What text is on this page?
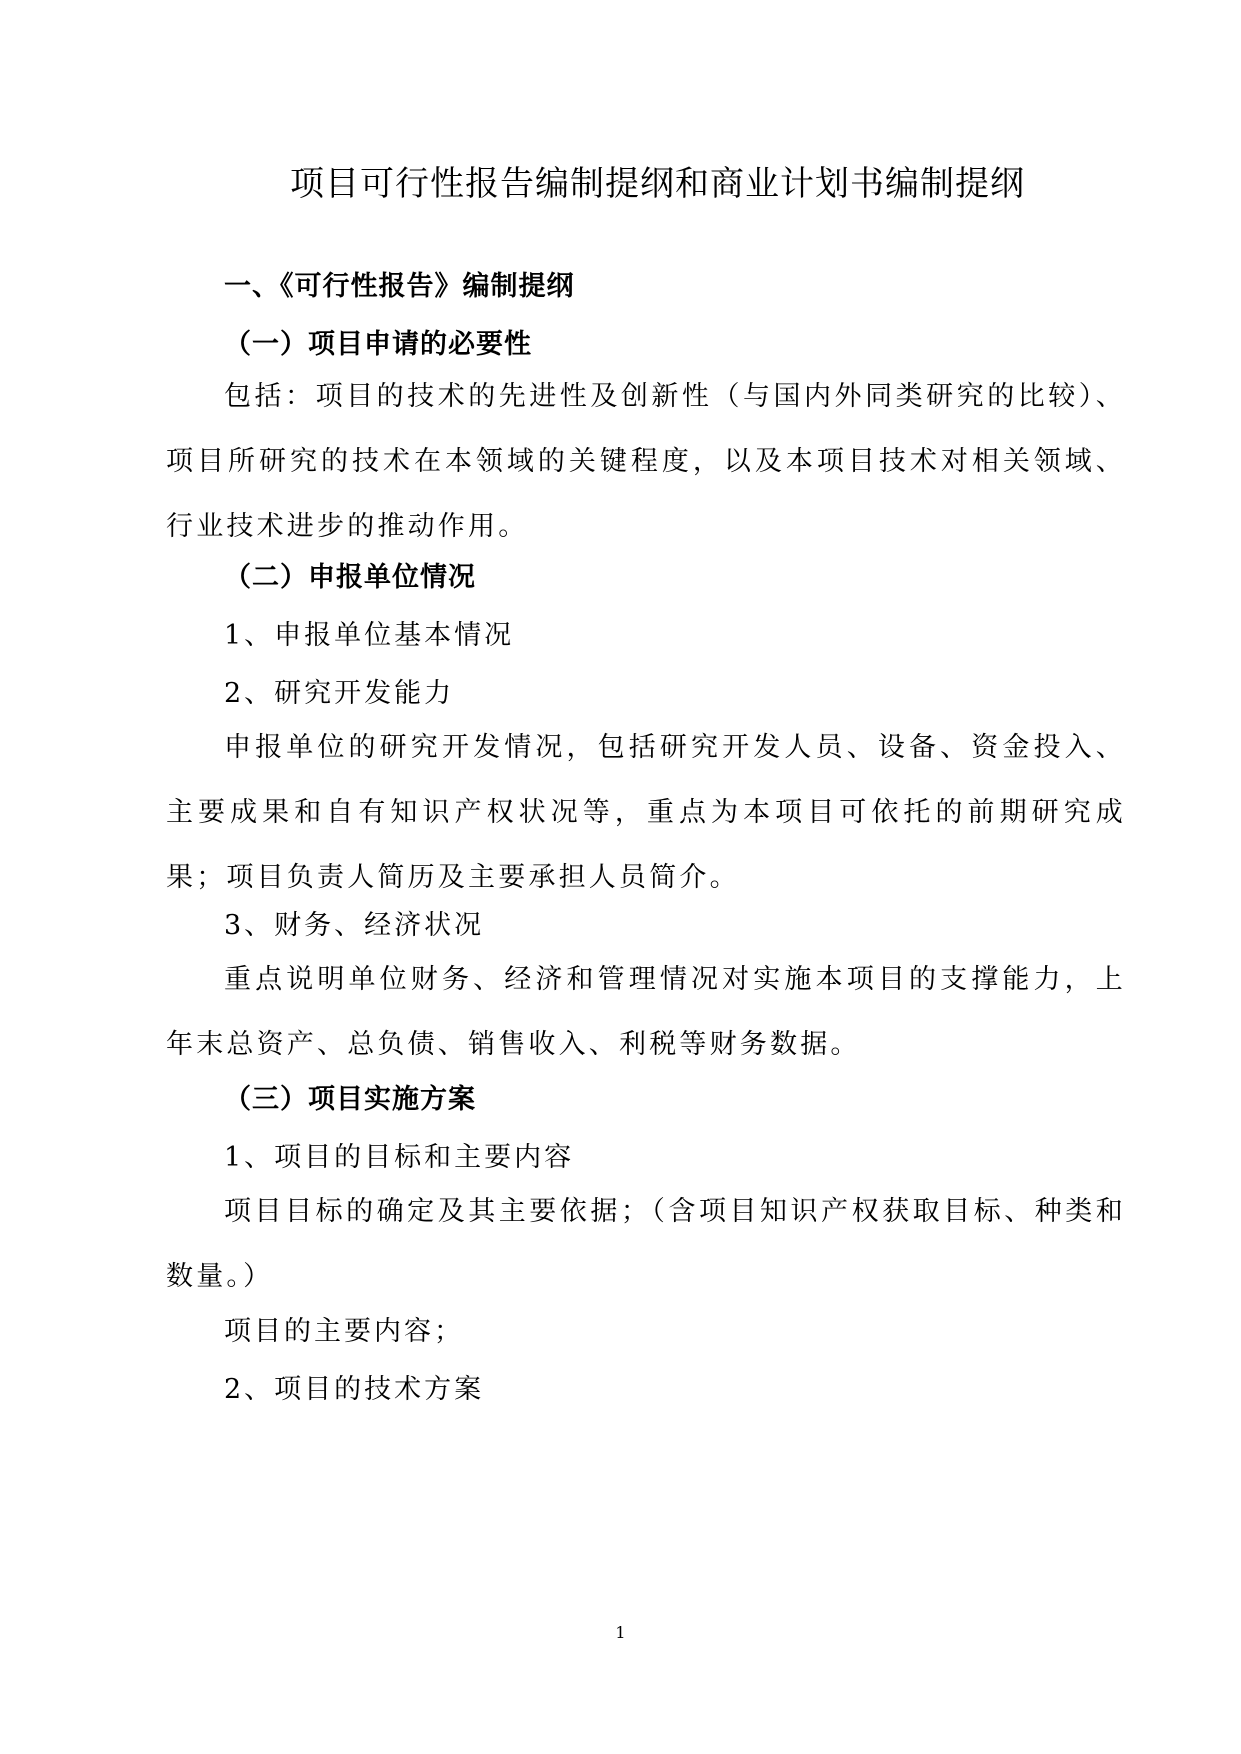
项目可行性报告编制提纲和商业计划书编制提纲
一、《可行性报告》编制提纲
（一）项目申请的必要性
包括：项目的技术的先进性及创新性（与国内外同类研究的比较）、项目所研究的技术在本领域的关键程度，以及本项目技术对相关领域、行业技术进步的推动作用。
（二）申报单位情况
1、申报单位基本情况
2、研究开发能力
申报单位的研究开发情况，包括研究开发人员、设备、资金投入、主要成果和自有知识产权状况等，重点为本项目可依托的前期研究成果；项目负责人简历及主要承担人员简介。
3、财务、经济状况
重点说明单位财务、经济和管理情况对实施本项目的支撑能力，上年末总资产、总负债、销售收入、利税等财务数据。
（三）项目实施方案
1、项目的目标和主要内容
项目目标的确定及其主要依据；（含项目知识产权获取目标、种类和数量。）
项目的主要内容；
2、项目的技术方案
1
